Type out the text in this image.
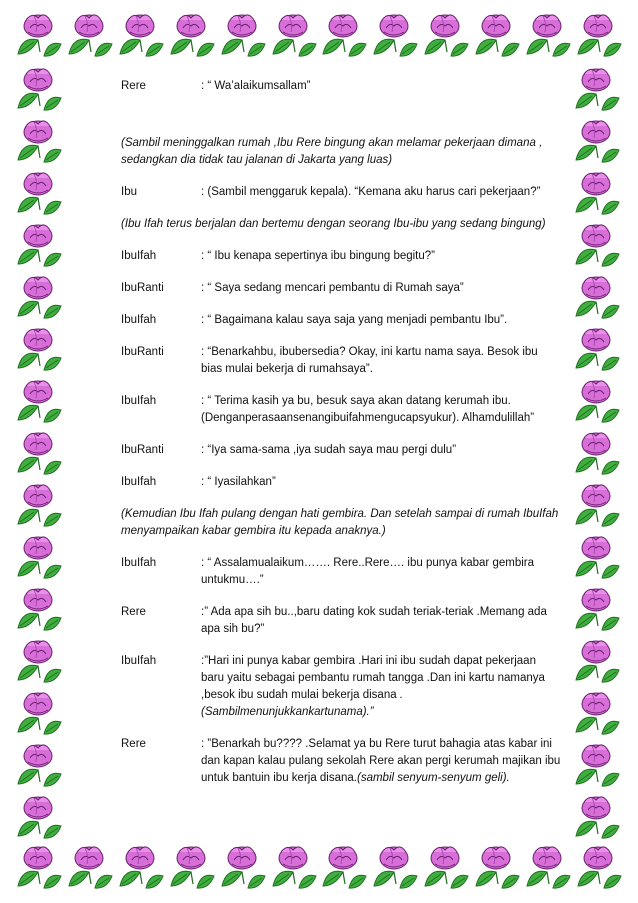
Rere	: “ Wa’alaikumsallam”
(Sambil meninggalkan rumah ,Ibu Rere bingung akan melamar pekerjaan dimana , sedangkan dia tidak tau jalanan di Jakarta yang luas)
Ibu	: (Sambil menggaruk kepala). “Kemana aku harus cari pekerjaan?”
(Ibu Ifah terus berjalan dan bertemu dengan seorang Ibu-ibu yang sedang bingung)
IbuIfah	: “ Ibu kenapa sepertinya ibu bingung begitu?”
IbuRanti	: “ Saya sedang mencari pembantu di Rumah saya”
IbuIfah	: “ Bagaimana kalau saya saja yang menjadi pembantu Ibu”.
IbuRanti	: “Benarkahbu, ibubersedia? Okay, ini kartu nama saya. Besok ibu bias mulai bekerja di rumahsaya”.
IbuIfah	: “ Terima kasih ya bu, besuk saya akan datang kerumah ibu. (Denganperasaansenangibuifahmengucapsyukur). Alhamdulillah”
IbuRanti	: “Iya sama-sama ,iya sudah saya mau pergi dulu”
IbuIfah	: “ Iyasilahkan”
(Kemudian Ibu Ifah pulang dengan hati gembira. Dan setelah sampai di rumah IbuIfah menyampaikan kabar gembira itu kepada anaknya.)
IbuIfah	: “ Assalamualaikum……. Rere..Rere…. ibu punya kabar gembira untukmu….”
Rere	:” Ada apa sih bu..,baru dating kok sudah teriak-teriak .Memang ada apa sih bu?”
IbuIfah	:”Hari ini punya kabar gembira .Hari ini ibu sudah dapat pekerjaan baru yaitu sebagai pembantu rumah tangga .Dan ini kartu namanya ,besok ibu sudah mulai bekerja disana .(Sambilmenunjukkankartunama).”
Rere	: ”Benarkah bu???? .Selamat ya bu Rere turut bahagia atas kabar ini dan kapan kalau pulang sekolah Rere akan pergi kerumah majikan ibu untuk bantuin ibu kerja disana.(sambil senyum-senyum geli).
